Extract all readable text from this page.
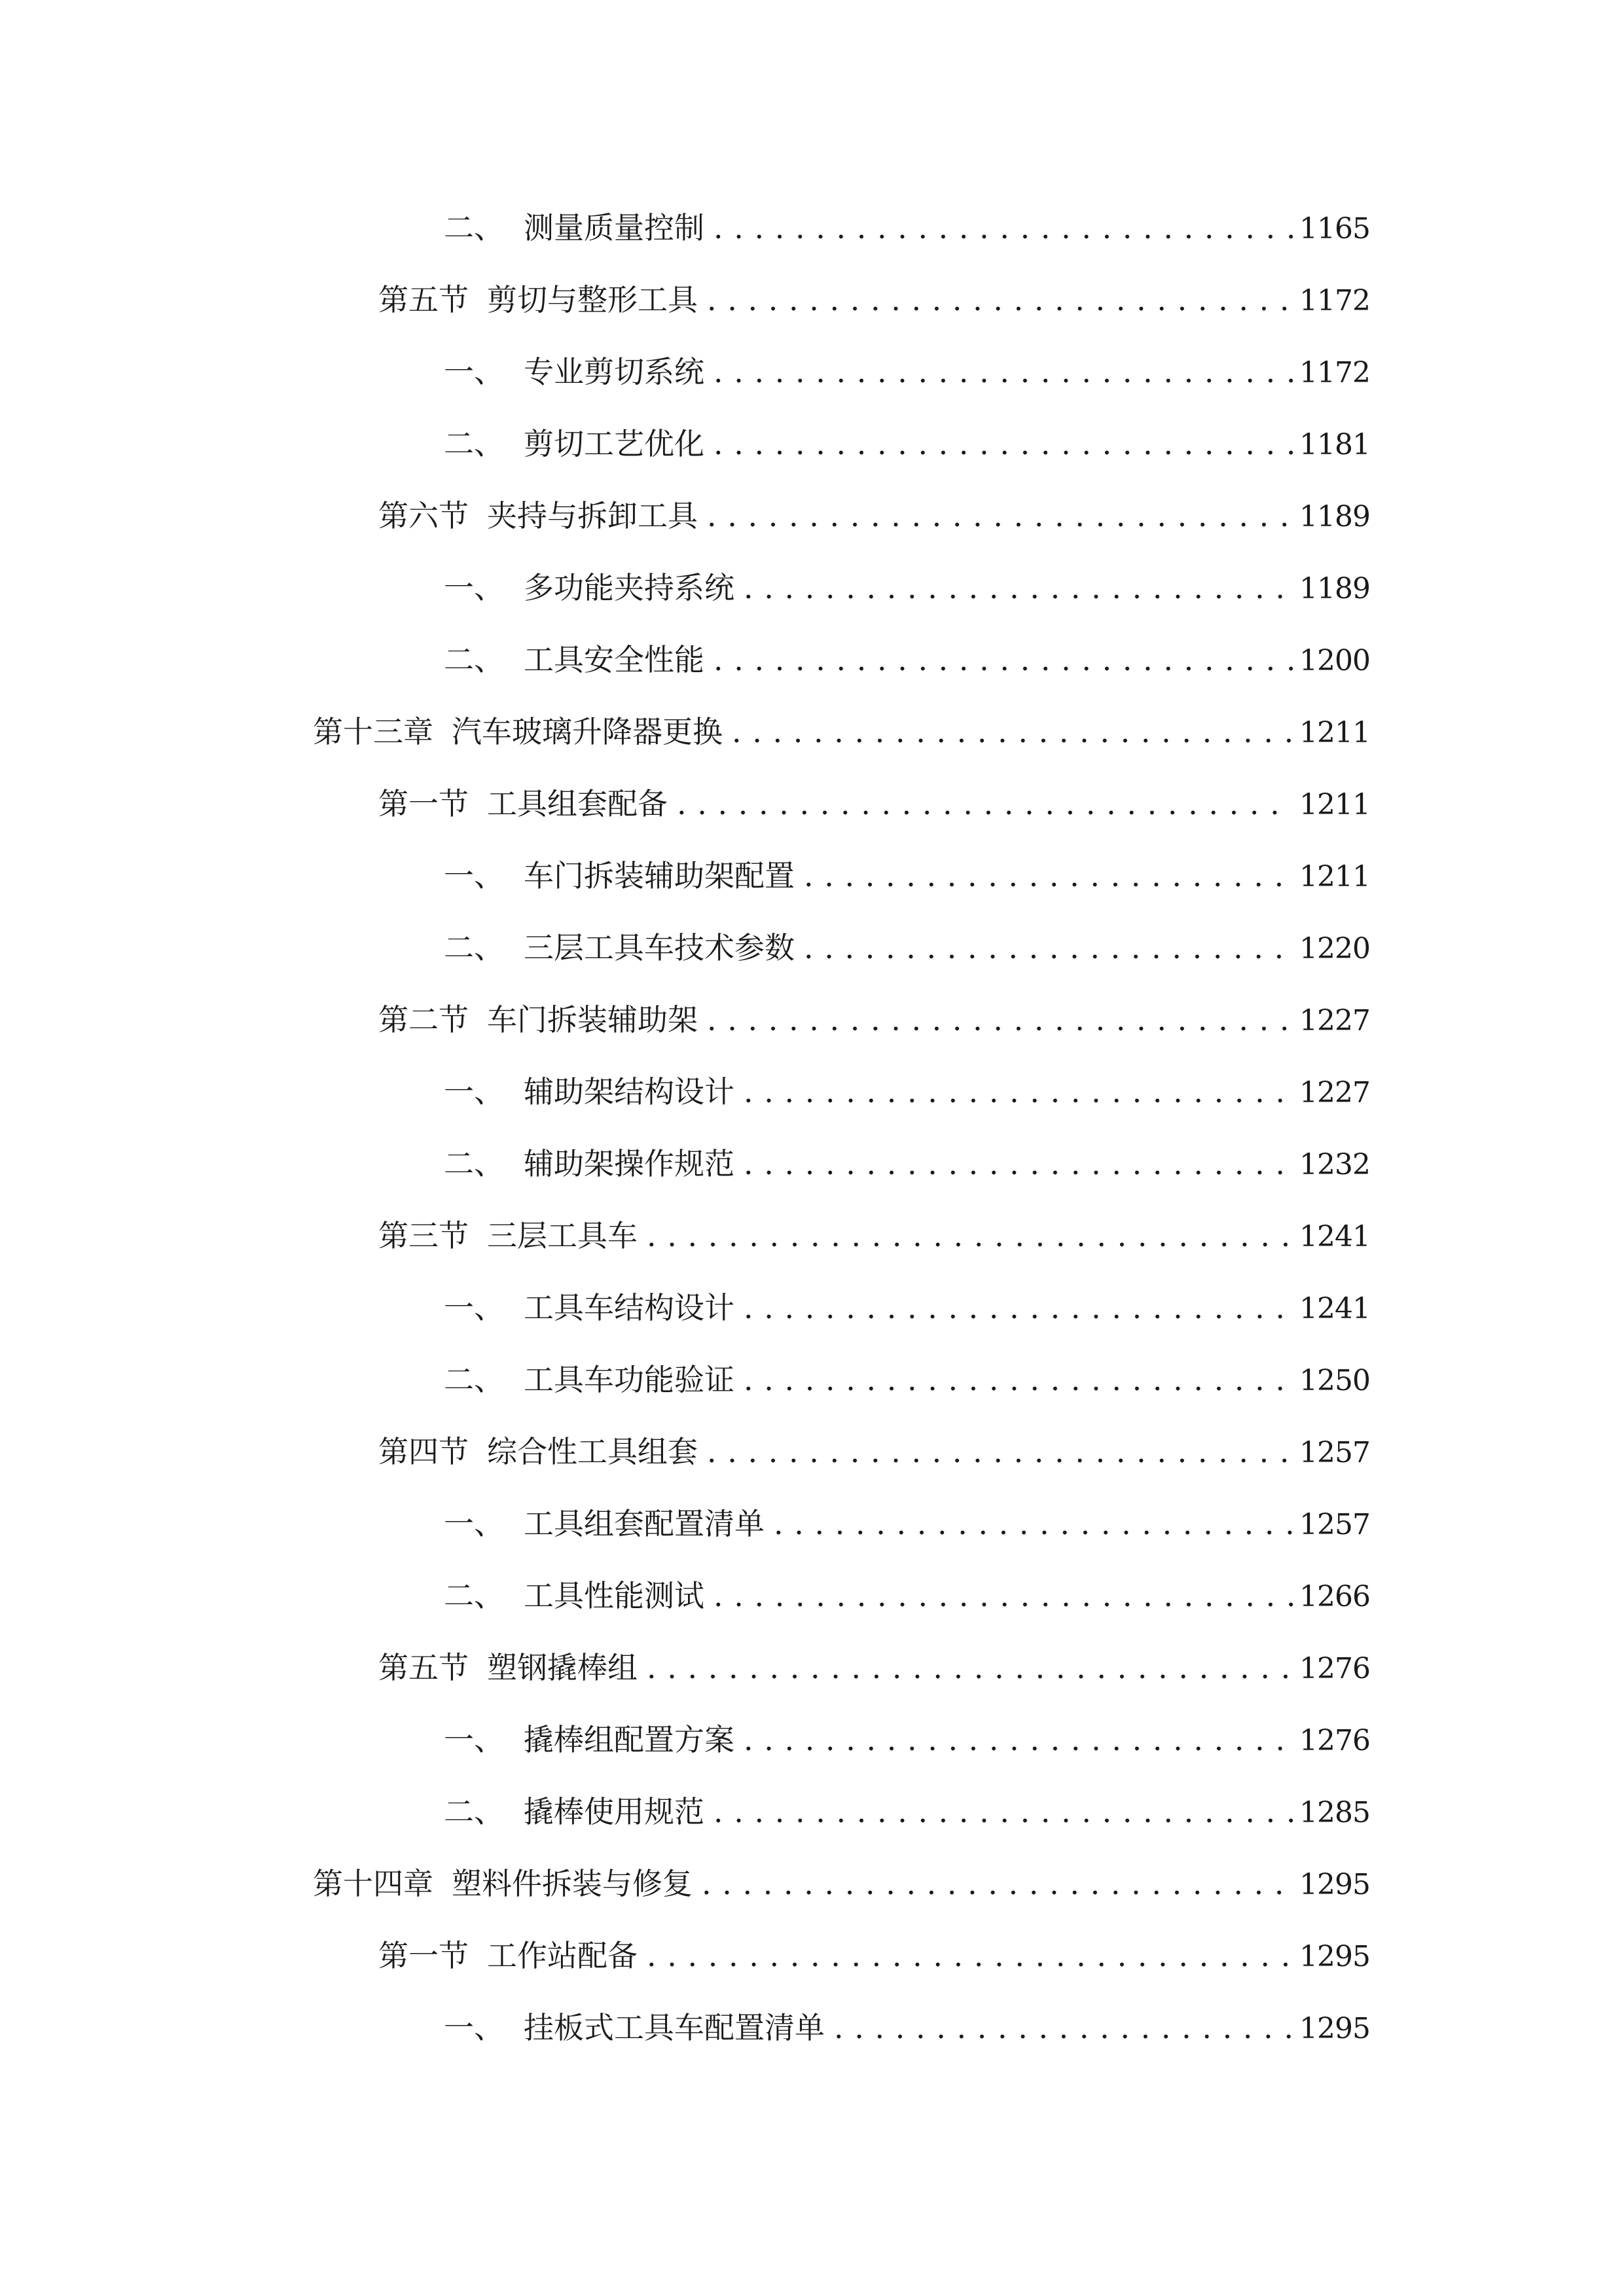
二、 测量质量控制 . . .	1165
第五节 剪切与整形工具 . . .	1172
一、 专业剪切系统 . . .	1172
二、 剪切工艺优化 . . .	1181
第六节 夹持与拆卸工具 . . .	1189
一、 多功能夹持系统 . . .	1189
二、 工具安全性能 . . .	1200
第十三章 汽车玻璃升降器更换 . . .	1211
第一节 工具组套配备 . . .	1211
一、 车门拆装辅助架配置 . . .	1211
二、 三层工具车技术参数 . . .	1220
第二节 车门拆装辅助架 . . .	1227
一、 辅助架结构设计 . . .	1227
二、 辅助架操作规范 . . .	1232
第三节 三层工具车 . . .	1241
一、 工具车结构设计 . . .	1241
二、 工具车功能验证 . . .	1250
第四节 综合性工具组套 . . .	1257
一、 工具组套配置清单 . . .	1257
二、 工具性能测试 . . .	1266
第五节 塑钢撬棒组 . . .	1276
一、 撬棒组配置方案 . . .	1276
二、 撬棒使用规范 . . .	1285
第十四章 塑料件拆装与修复 . . .	1295
第一节 工作站配备 . . .	1295
一、 挂板式工具车配置清单 . . .	1295
